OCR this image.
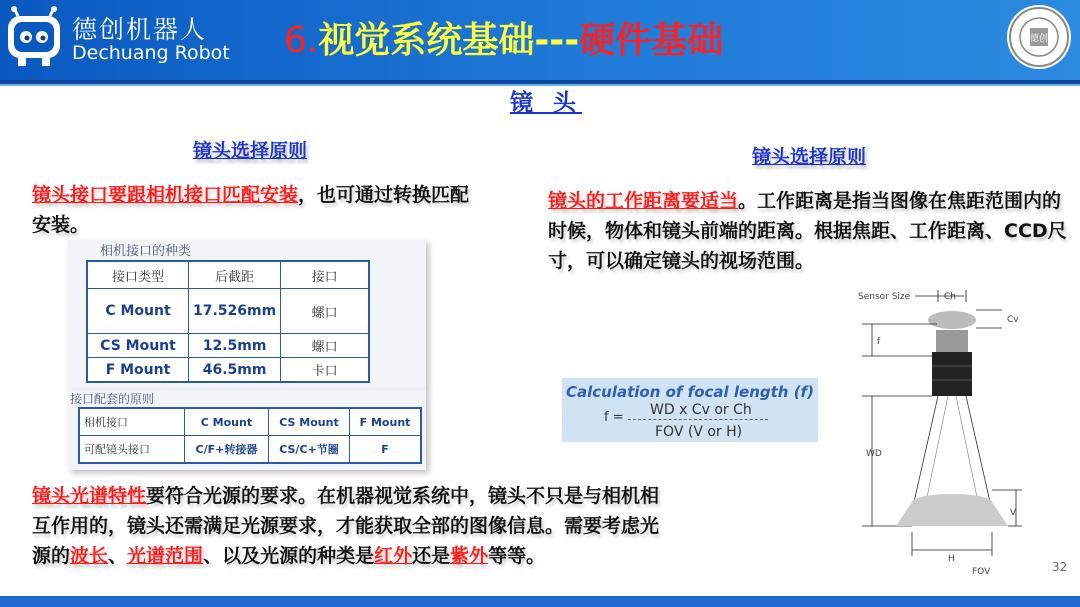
德创机器人
Dechuang Robot 6.视觉系统基础---硬件基础	德创
镜 头
镜头选择原则
镜头接口要跟相机接口匹配安装，也可通过转换匹配安装。
相机接口的种类
接口类型	后截距	接口
C Mount	17.526mm	螺口
CS Mount	12.5mm	螺口
F Mount	46.5mm	卡口
接口配套的原则
相机接口	C Mount	CS Mount	F Mount
可配镜头接口	C/F+转接器	CS/C+节圈	F
镜头光谱特性要符合光源的要求。在机器视觉系统中，镜头不只是与相机相互作用的，镜头还需满足光源要求，才能获取全部的图像信息。需要考虑光源的波长、光谱范围、以及光源的种类是红外还是紫外等等。
镜头选择原则
镜头的工作距离要适当。工作距离是指当图像在焦距范围内的时候，物体和镜头前端的距离。根据焦距、工作距离、CCD尺寸，可以确定镜头的视场范围。
Calculation of focal length (f)
f = WD x Cv or Ch
FOV (V or H)
Sensor Size	Ch
Cv
f
WD
V
H
FOV	32
